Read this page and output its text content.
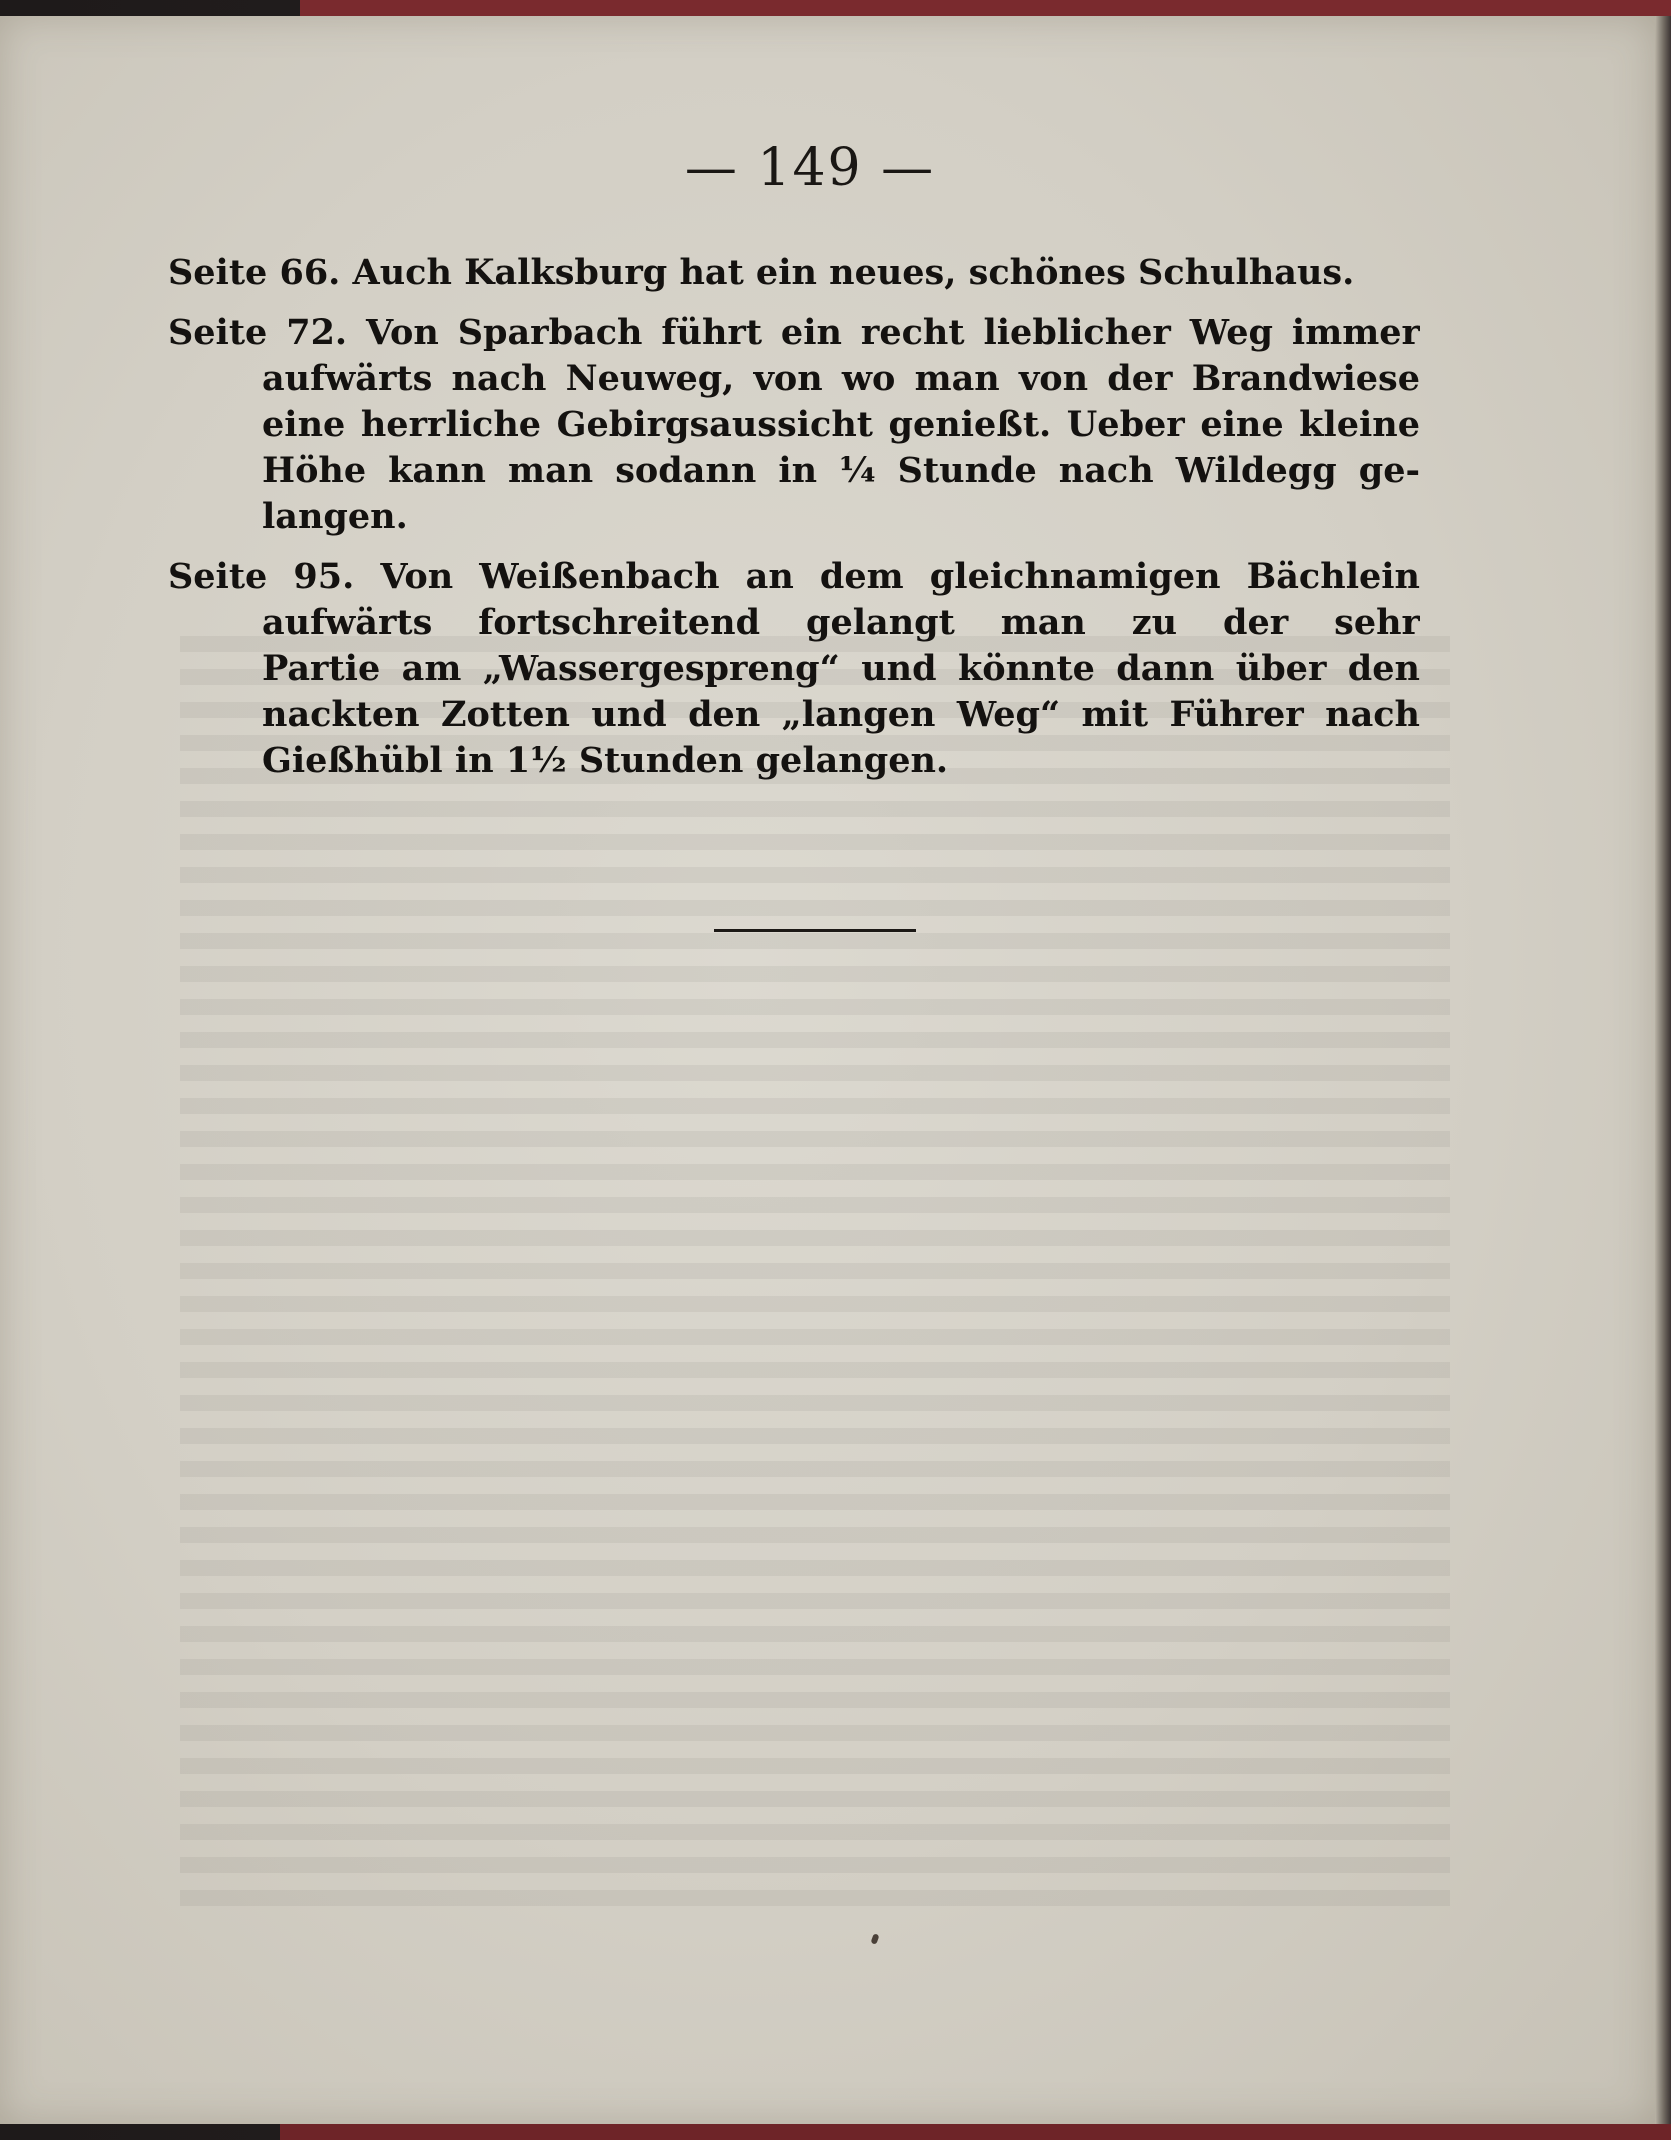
— 149 —
Seite 66. Auch Kalksburg hat ein neues, schönes Schulhaus.
Seite 72. Von Sparbach führt ein recht lieblicher Weg immer
aufwärts nach Neuweg, von wo man von der Brandwiese
eine herrliche Gebirgsaussicht genießt. Ueber eine kleine
Höhe kann man sodann in ¼ Stunde nach Wildegg ge-
langen.
Seite 95. Von Weißenbach an dem gleichnamigen Bächlein
aufwärts fortschreitend gelangt man zu der sehr
Partie am „Wassergespreng“ und könnte dann über den
nackten Zotten und den „langen Weg“ mit Führer nach
Gießhübl in 1½ Stunden gelangen.
